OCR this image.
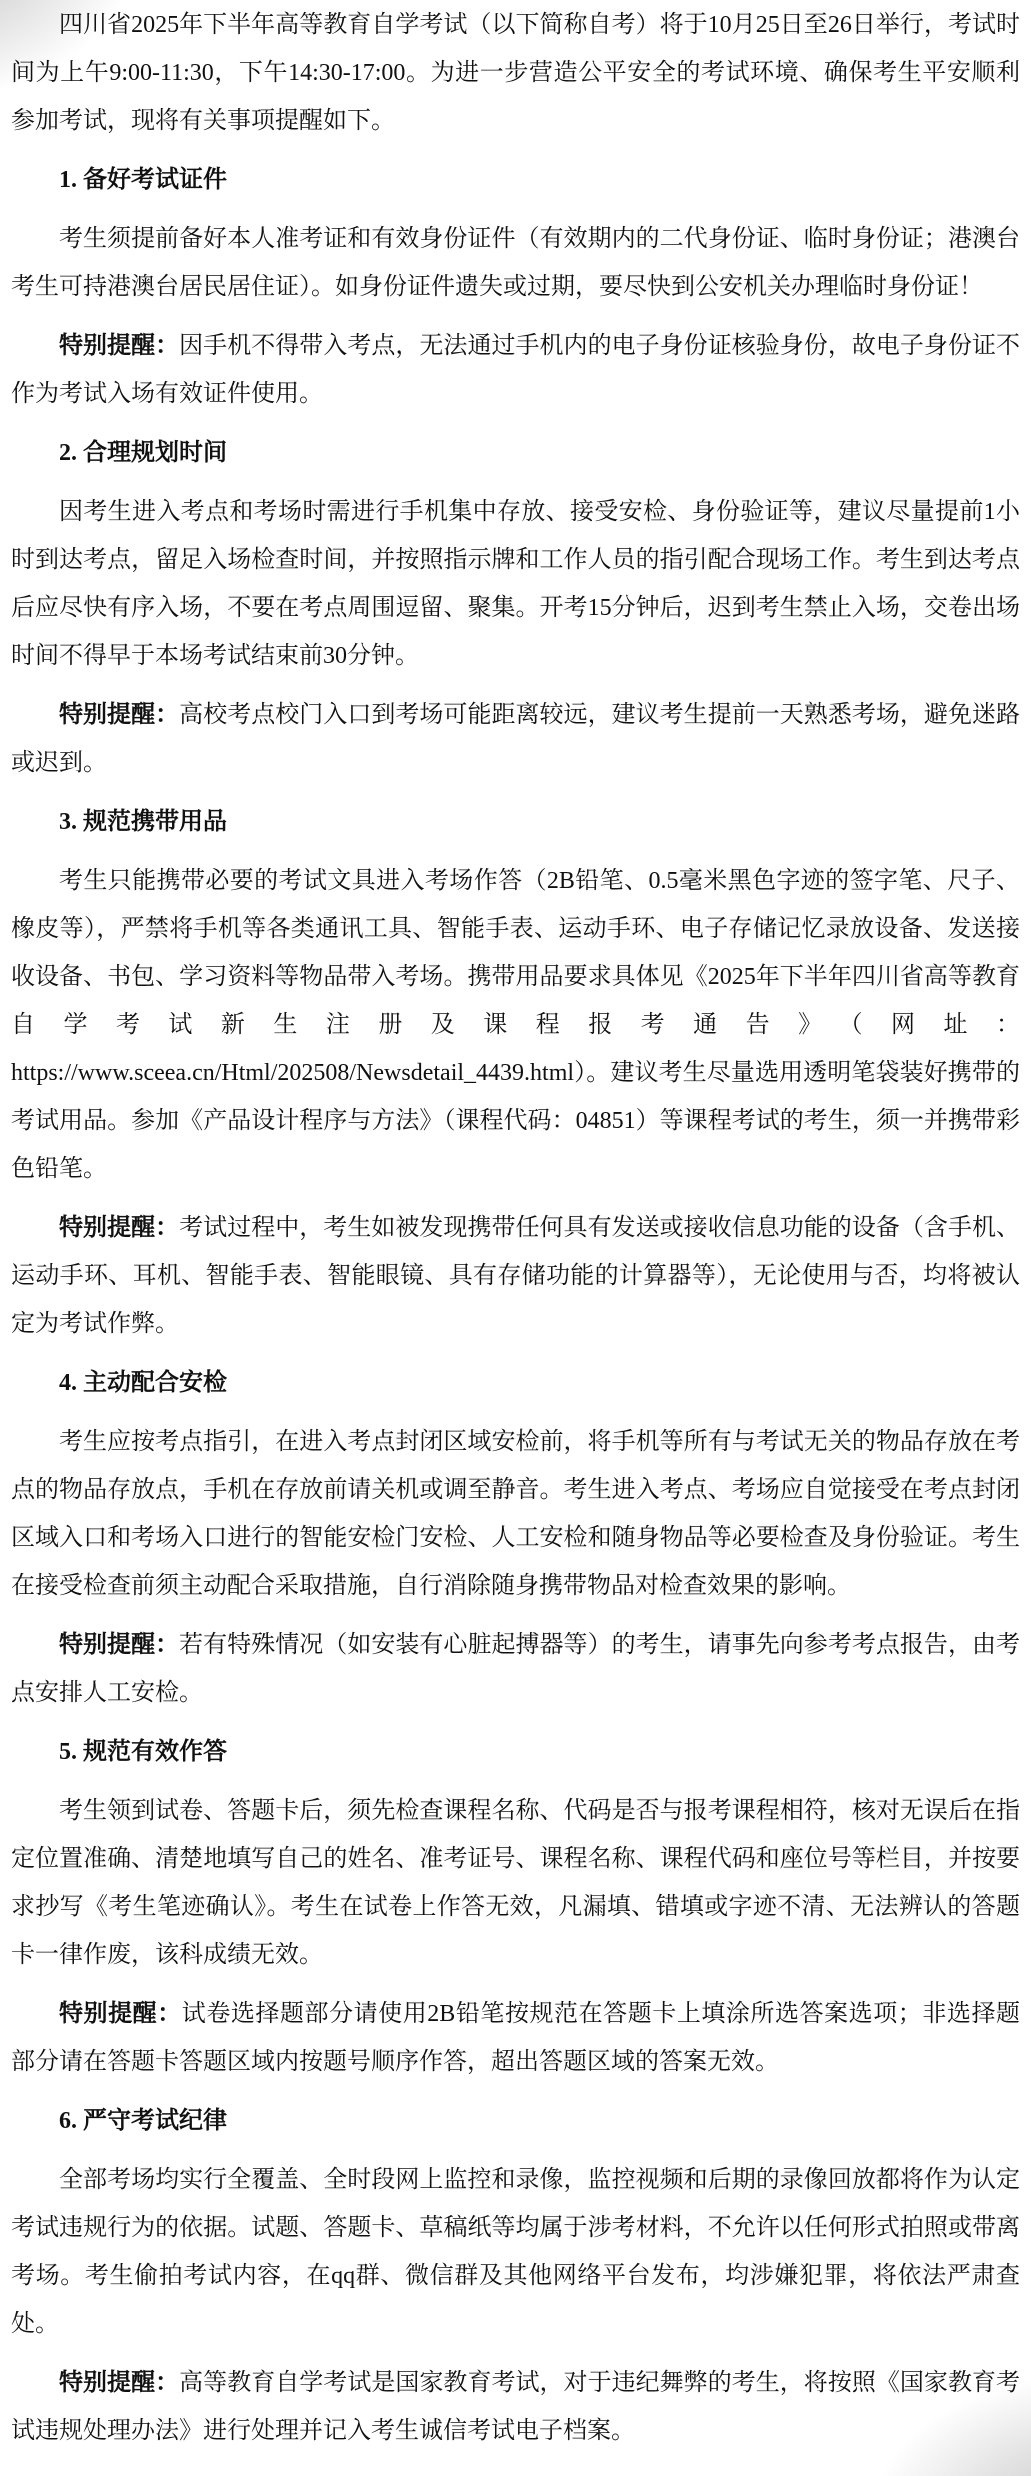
四川省2025年下半年高等教育自学考试（以下简称自考）将于10月25日至26日举行，考试时间为上午9:00-11:30，下午14:30-17:00。为进一步营造公平安全的考试环境、确保考生平安顺利参加考试，现将有关事项提醒如下。

1. 备好考试证件

考生须提前备好本人准考证和有效身份证件（有效期内的二代身份证、临时身份证；港澳台考生可持港澳台居民居住证）。如身份证件遗失或过期，要尽快到公安机关办理临时身份证！

特别提醒：因手机不得带入考点，无法通过手机内的电子身份证核验身份，故电子身份证不作为考试入场有效证件使用。

2. 合理规划时间

因考生进入考点和考场时需进行手机集中存放、接受安检、身份验证等，建议尽量提前1小时到达考点，留足入场检查时间，并按照指示牌和工作人员的指引配合现场工作。考生到达考点后应尽快有序入场，不要在考点周围逗留、聚集。开考15分钟后，迟到考生禁止入场，交卷出场时间不得早于本场考试结束前30分钟。

特别提醒：高校考点校门入口到考场可能距离较远，建议考生提前一天熟悉考场，避免迷路或迟到。

3. 规范携带用品

考生只能携带必要的考试文具进入考场作答（2B铅笔、0.5毫米黑色字迹的签字笔、尺子、橡皮等），严禁将手机等各类通讯工具、智能手表、运动手环、电子存储记忆录放设备、发送接收设备、书包、学习资料等物品带入考场。携带用品要求具体见《2025年下半年四川省高等教育自学考试新生注册及课程报考通告》（网址：https://www.sceea.cn/Html/202508/Newsdetail_4439.html）。建议考生尽量选用透明笔袋装好携带的考试用品。参加《产品设计程序与方法》（课程代码：04851）等课程考试的考生，须一并携带彩色铅笔。

特别提醒：考试过程中，考生如被发现携带任何具有发送或接收信息功能的设备（含手机、运动手环、耳机、智能手表、智能眼镜、具有存储功能的计算器等），无论使用与否，均将被认定为考试作弊。

4. 主动配合安检

考生应按考点指引，在进入考点封闭区域安检前，将手机等所有与考试无关的物品存放在考点的物品存放点，手机在存放前请关机或调至静音。考生进入考点、考场应自觉接受在考点封闭区域入口和考场入口进行的智能安检门安检、人工安检和随身物品等必要检查及身份验证。考生在接受检查前须主动配合采取措施，自行消除随身携带物品对检查效果的影响。

特别提醒：若有特殊情况（如安装有心脏起搏器等）的考生，请事先向参考考点报告，由考点安排人工安检。

5. 规范有效作答

考生领到试卷、答题卡后，须先检查课程名称、代码是否与报考课程相符，核对无误后在指定位置准确、清楚地填写自己的姓名、准考证号、课程名称、课程代码和座位号等栏目，并按要求抄写《考生笔迹确认》。考生在试卷上作答无效，凡漏填、错填或字迹不清、无法辨认的答题卡一律作废，该科成绩无效。

特别提醒：试卷选择题部分请使用2B铅笔按规范在答题卡上填涂所选答案选项；非选择题部分请在答题卡答题区域内按题号顺序作答，超出答题区域的答案无效。

6. 严守考试纪律

全部考场均实行全覆盖、全时段网上监控和录像，监控视频和后期的录像回放都将作为认定考试违规行为的依据。试题、答题卡、草稿纸等均属于涉考材料，不允许以任何形式拍照或带离考场。考生偷拍考试内容，在qq群、微信群及其他网络平台发布，均涉嫌犯罪，将依法严肃查处。

特别提醒：高等教育自学考试是国家教育考试，对于违纪舞弊的考生，将按照《国家教育考试违规处理办法》进行处理并记入考生诚信考试电子档案。
